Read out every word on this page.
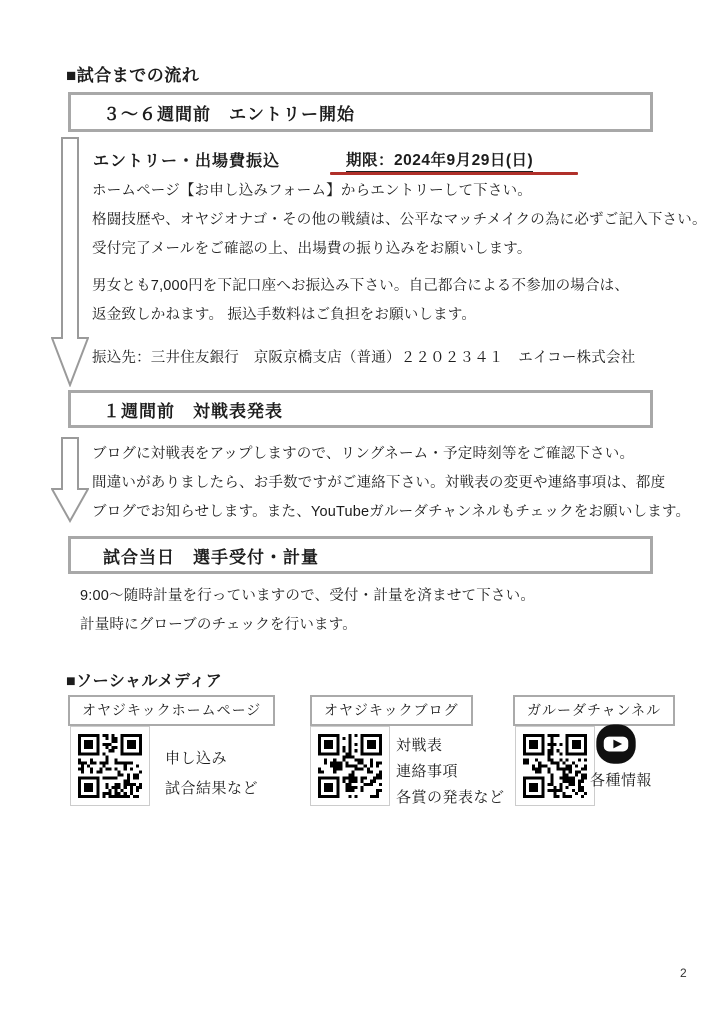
■試合までの流れ
３～６週間前　エントリー開始
エントリー・出場費振込	期限：2024年9月29日(日)
ホームページ【お申し込みフォーム】からエントリーして下さい。
格闘技歴や、オヤジオナゴ・その他の戦績は、公平なマッチメイクの為に必ずご記入下さい。
受付完了メールをご確認の上、出場費の振り込みをお願いします。
男女とも7,000円を下記口座へお振込み下さい。自己都合による不参加の場合は、
返金致しかねます。 振込手数料はご負担をお願いします。
振込先：三井住友銀行　京阪京橋支店（普通）２２０２３４１　エイコー株式会社
１週間前　対戦表発表
ブログに対戦表をアップしますので、リングネーム・予定時刻等をご確認下さい。
間違いがありましたら、お手数ですがご連絡下さい。対戦表の変更や連絡事項は、都度
ブログでお知らせします。また、YouTubeガルーダチャンネルもチェックをお願いします。
試合当日　選手受付・計量
9:00～随時計量を行っていますので、受付・計量を済ませて下さい。
計量時にグローブのチェックを行います。
■ソーシャルメディア
オヤジキックホームページ
申し込み
試合結果など
オヤジキックブログ
対戦表
連絡事項
各賞の発表など
ガルーダチャンネル
各種情報
2
